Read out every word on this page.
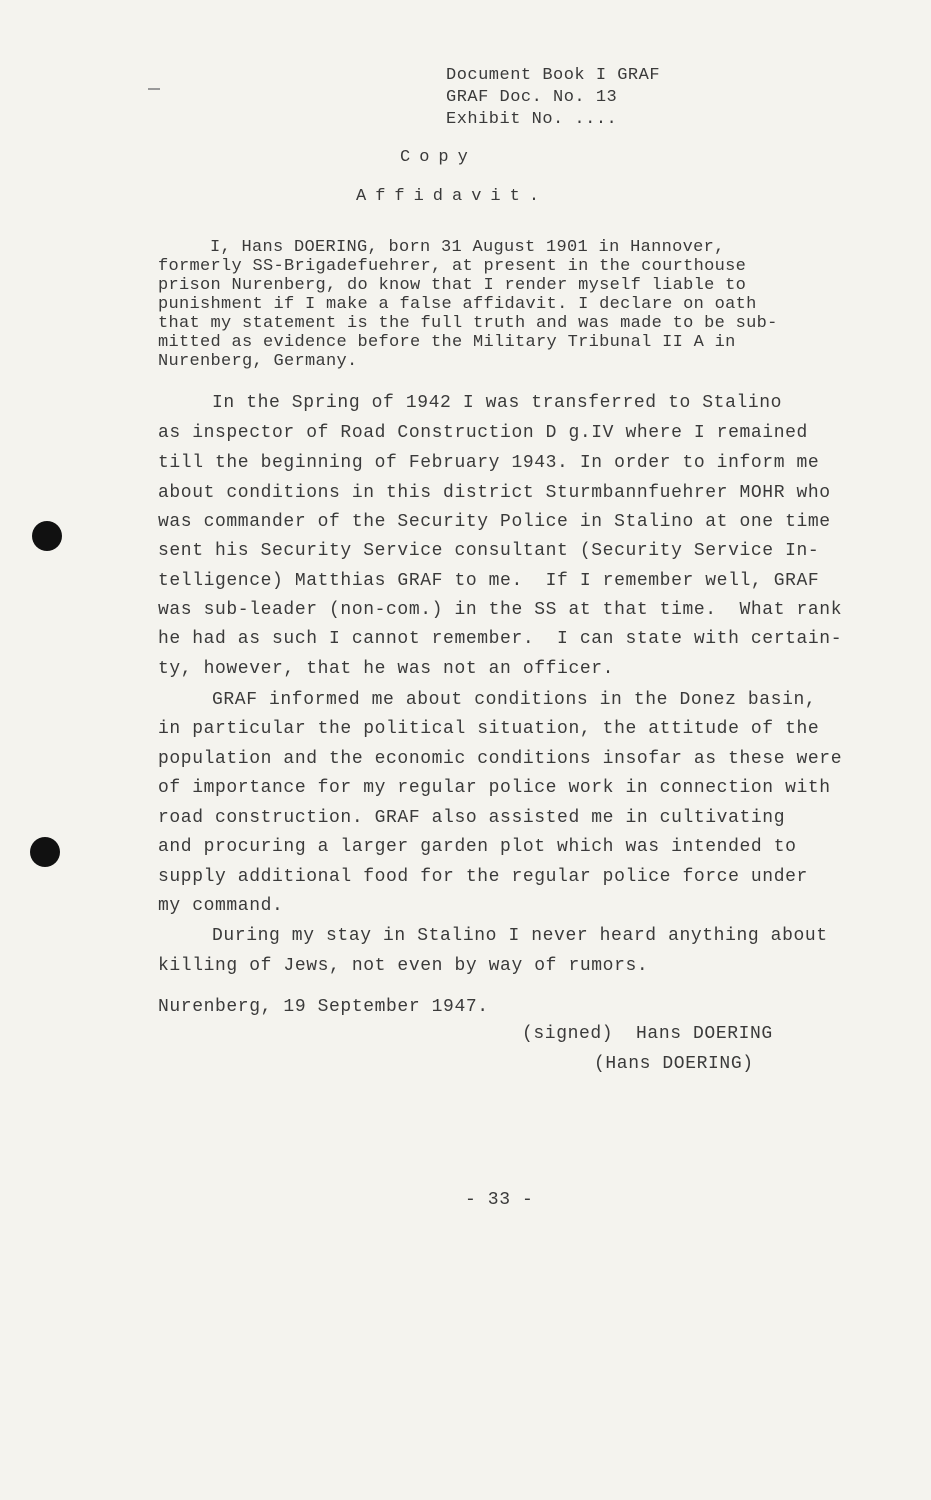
Document Book I GRAF
GRAF Doc. No. 13
Exhibit No. ....
Copy
Affidavit.
I, Hans DOERING, born 31 August 1901 in Hannover,
formerly SS-Brigadefuehrer, at present in the courthouse
prison Nurenberg, do know that I render myself liable to
punishment if I make a false affidavit. I declare on oath
that my statement is the full truth and was made to be sub-
mitted as evidence before the Military Tribunal II A in
Nurenberg, Germany.
In the Spring of 1942 I was transferred to Stalino
as inspector of Road Construction D g.IV where I remained
till the beginning of February 1943. In order to inform me
about conditions in this district Sturmbannfuehrer MOHR who
was commander of the Security Police in Stalino at one time
sent his Security Service consultant (Security Service In-
telligence) Matthias GRAF to me.  If I remember well, GRAF
was sub-leader (non-com.) in the SS at that time.  What rank
he had as such I cannot remember.  I can state with certain-
ty, however, that he was not an officer.
GRAF informed me about conditions in the Donez basin,
in particular the political situation, the attitude of the
population and the economic conditions insofar as these were
of importance for my regular police work in connection with
road construction. GRAF also assisted me in cultivating
and procuring a larger garden plot which was intended to
supply additional food for the regular police force under
my command.
During my stay in Stalino I never heard anything about
killing of Jews, not even by way of rumors.
Nurenberg, 19 September 1947.
(signed)  Hans DOERING
(Hans DOERING)
- 33 -
